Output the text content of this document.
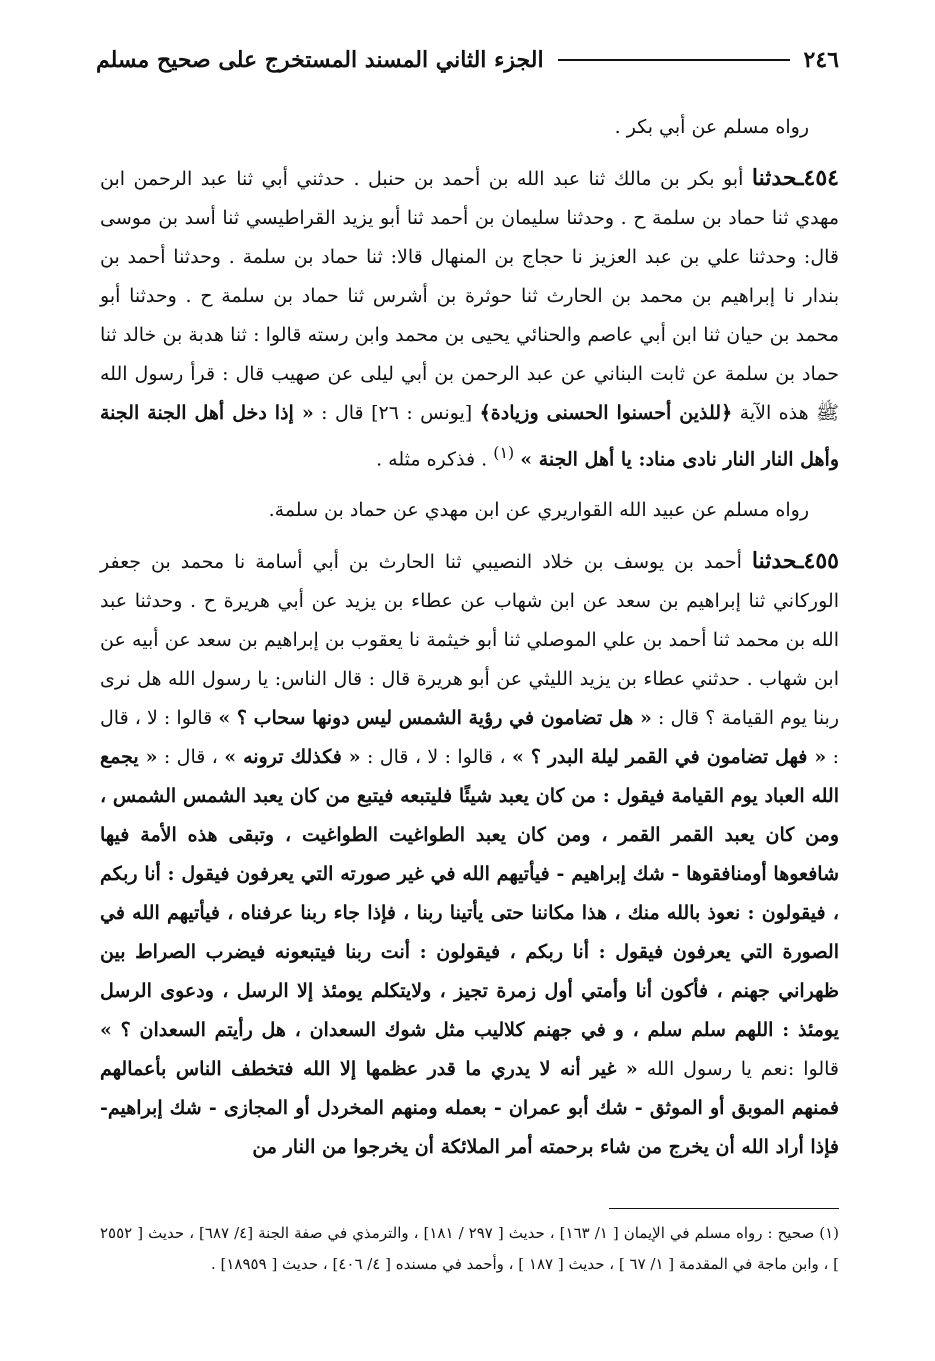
٢٤٦
الجزء الثاني المسند المستخرج على صحيح مسلم

رواه مسلم عن أبي بكر .

٤٥٤ـحدثنا أبو بكر بن مالك ثنا عبد الله بن أحمد بن حنبل . حدثني أبي ثنا عبد الرحمن ابن مهدي ثنا حماد بن سلمة ح . وحدثنا سليمان بن أحمد ثنا أبو يزيد القراطيسي ثنا أسد بن موسى قال: وحدثنا علي بن عبد العزيز نا حجاج بن المنهال قالا: ثنا حماد بن سلمة . وحدثنا أحمد بن بندار نا إبراهيم بن محمد بن الحارث ثنا حوثرة بن أشرس ثنا حماد بن سلمة ح . وحدثنا أبو محمد بن حيان ثنا ابن أبي عاصم والحنائي يحيى بن محمد وابن رسته قالوا : ثنا هدبة بن خالد ثنا حماد بن سلمة عن ثابت البناني عن عبد الرحمن بن أبي ليلى عن صهيب قال : قرأ رسول الله ﷺ هذه الآية ﴿للذين أحسنوا الحسنى وزيادة﴾ [يونس : ٢٦] قال : « إذا دخل أهل الجنة الجنة وأهل النار النار نادى مناد: يا أهل الجنة » $^{(١)}$ . فذكره مثله .

رواه مسلم عن عبيد الله القواريري عن ابن مهدي عن حماد بن سلمة.

٤٥٥ـحدثنا أحمد بن يوسف بن خلاد النصيبي ثنا الحارث بن أبي أسامة نا محمد بن جعفر الوركاني ثنا إبراهيم بن سعد عن ابن شهاب عن عطاء بن يزيد عن أبي هريرة ح . وحدثنا عبد الله بن محمد ثنا أحمد بن علي الموصلي ثنا أبو خيثمة نا يعقوب بن إبراهيم بن سعد عن أبيه عن ابن شهاب . حدثني عطاء بن يزيد الليثي عن أبو هريرة قال : قال الناس: يا رسول الله هل نرى ربنا يوم القيامة ؟ قال : « هل تضامون في رؤية الشمس ليس دونها سحاب ؟ » قالوا : لا ، قال : « فهل تضامون في القمر ليلة البدر ؟ » ، قالوا : لا ، قال : « فكذلك ترونه » ، قال : « يجمع الله العباد يوم القيامة فيقول : من كان يعبد شيئًا فليتبعه فيتبع من كان يعبد الشمس الشمس ، ومن كان يعبد القمر القمر ، ومن كان يعبد الطواغيت الطواغيت ، وتبقى هذه الأمة فيها شافعوها أومنافقوها - شك إبراهيم - فيأتيهم الله في غير صورته التي يعرفون فيقول : أنا ربكم ، فيقولون : نعوذ بالله منك ، هذا مكاننا حتى يأتينا ربنا ، فإذا جاء ربنا عرفناه ، فيأتيهم الله في الصورة التي يعرفون فيقول : أنا ربكم ، فيقولون : أنت ربنا فيتبعونه فيضرب الصراط بين ظهراني جهنم ، فأكون أنا وأمتي أول زمرة تجيز ، ولايتكلم يومئذ إلا الرسل ، ودعوى الرسل يومئذ : اللهم سلم سلم ، و في جهنم كلاليب مثل شوك السعدان ، هل رأيتم السعدان ؟ » قالوا :نعم يا رسول الله « غير أنه لا يدري ما قدر عظمها إلا الله فتخطف الناس بأعمالهم فمنهم الموبق أو الموثق - شك أبو عمران - بعمله ومنهم المخردل أو المجازى - شك إبراهيم- فإذا أراد الله أن يخرج من شاء برحمته أمر الملائكة أن يخرجوا من النار من

(١) صحيح : رواه مسلم في الإيمان [ ١/ ١٦٣] ، حديث [ ٢٩٧ / ١٨١] ، والترمذي في صفة الجنة [٤/ ٦٨٧] ، حديث [ ٢٥٥٢ ] ، وابن ماجة في المقدمة [ ١/ ٦٧ ] ، حديث [ ١٨٧ ] ، وأحمد في مسنده [ ٤/ ٤٠٦] ، حديث [ ١٨٩٥٩] .
